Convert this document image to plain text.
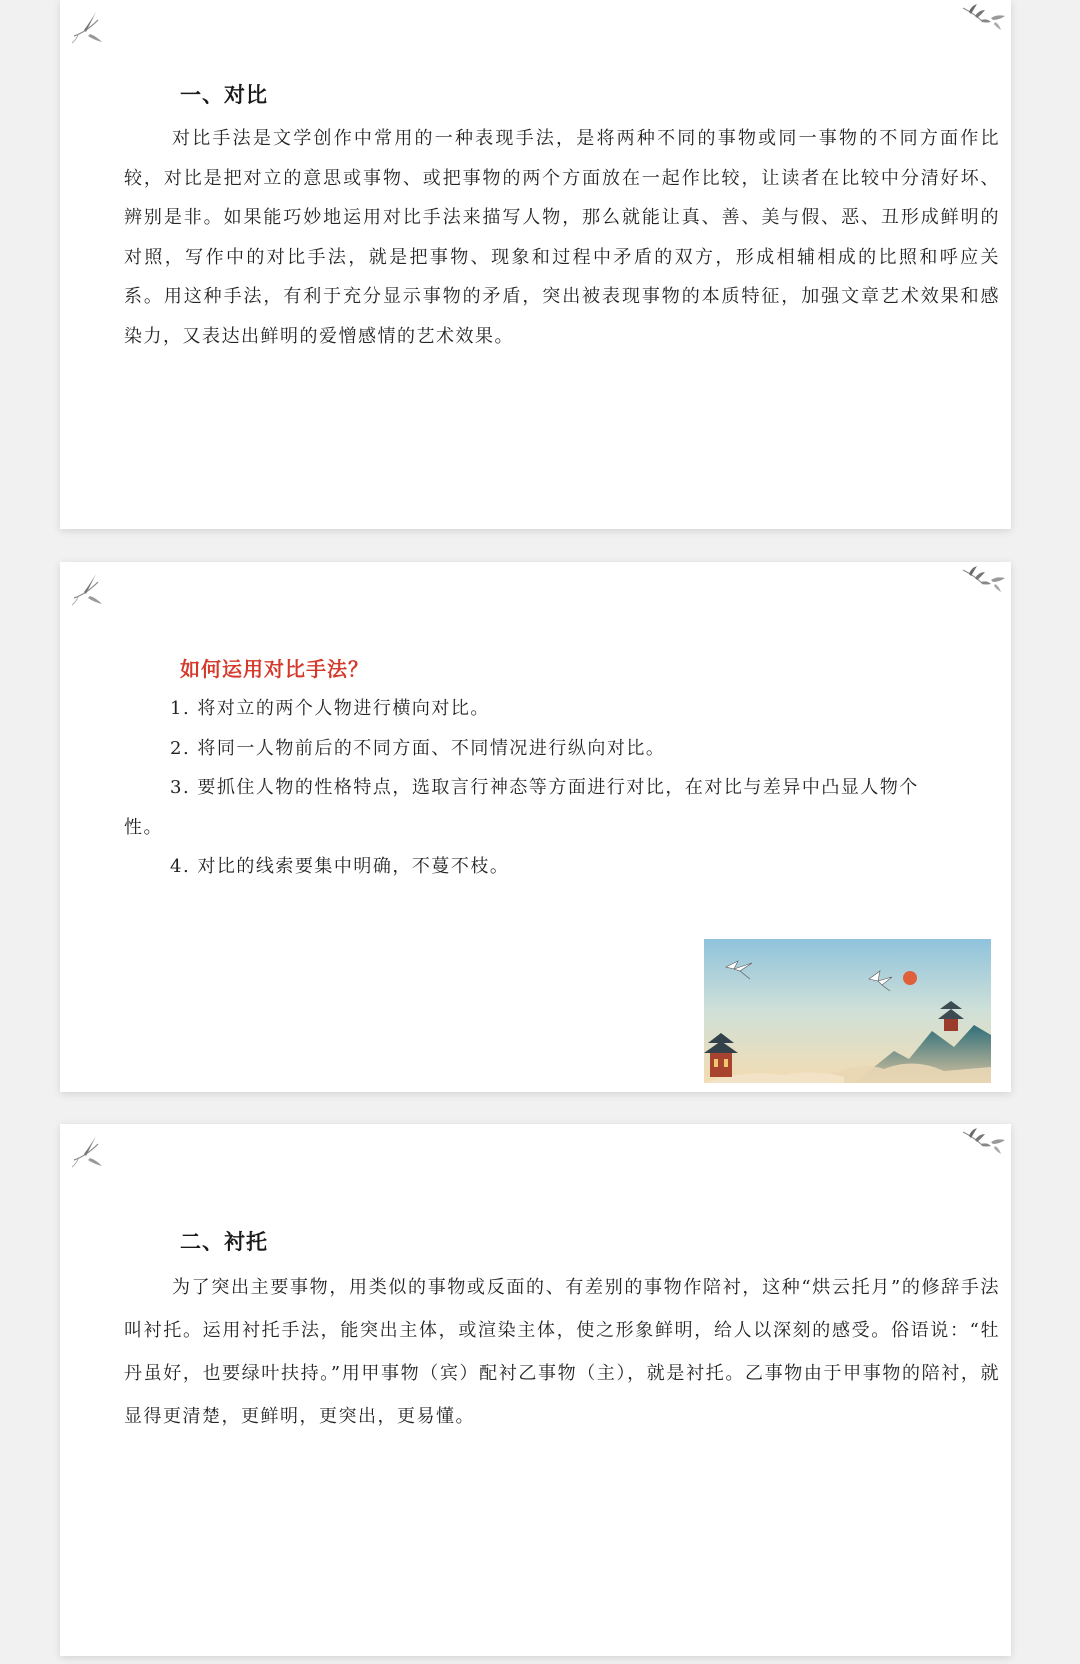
一、对比
对比手法是文学创作中常用的一种表现手法，是将两种不同的事物或同一事物的不同方面作比较，对比是把对立的意思或事物、或把事物的两个方面放在一起作比较，让读者在比较中分清好坏、辨别是非。如果能巧妙地运用对比手法来描写人物，那么就能让真、善、美与假、恶、丑形成鲜明的对照，写作中的对比手法，就是把事物、现象和过程中矛盾的双方，形成相辅相成的比照和呼应关系。用这种手法，有利于充分显示事物的矛盾，突出被表现事物的本质特征，加强文章艺术效果和感染力，又表达出鲜明的爱憎感情的艺术效果。
如何运用对比手法？
1. 将对立的两个人物进行横向对比。
2. 将同一人物前后的不同方面、不同情况进行纵向对比。
3. 要抓住人物的性格特点，选取言行神态等方面进行对比，在对比与差异中凸显人物个性。
4. 对比的线索要集中明确，不蔓不枝。
二、衬托
为了突出主要事物，用类似的事物或反面的、有差别的事物作陪衬，这种“烘云托月”的修辞手法叫衬托。运用衬托手法，能突出主体，或渲染主体，使之形象鲜明，给人以深刻的感受。俗语说：“牡丹虽好，也要绿叶扶持。”用甲事物（宾）配衬乙事物（主），就是衬托。乙事物由于甲事物的陪衬，就显得更清楚，更鲜明，更突出，更易懂。
